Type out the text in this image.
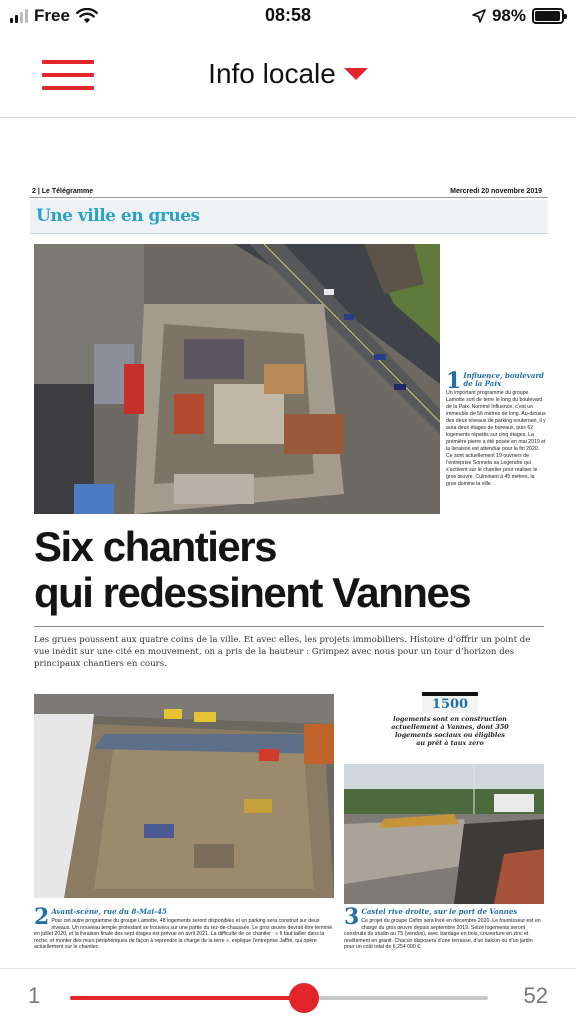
Free	08:58	98%
Info locale
2 | Le Télégramme	Mercredi 20 novembre 2019
Une ville en grues
1 Influence, boulevard de la Paix
Un important programme du groupe Lamotte sort de terre le long du boulevard de la Paix. Nommé Influence, c’est un immeuble de 56 mètres de long. Au-dessus des deux niveaux de parking souterrain, il y aura deux étages de bureaux, puis 62 logements répartis sur cinq étages. La première pierre a été posée en mai 2019 et la livraison est attendue pour la fin 2020. Ce sont actuellement 19 ouvriers de l’entreprise Sonneta sa Legendre qui s’activent sur le chantier pour réaliser le gros œuvre. Culminant à 45 mètres, la grue domine la ville.
Six chantiers
qui redessinent Vannes
Les grues poussent aux quatre coins de la ville. Et avec elles, les projets immobiliers. Histoire d’offrir un point de vue inédit sur une cité en mouvement, on a pris de la hauteur : Grimpez avec nous pour un tour d’horizon des principaux chantiers en cours.
1500
logements sont en construction actuellement à Vannes, dont 350 logements sociaux ou éligibles au prêt à taux zéro
2 Avant-scène, rue du 8-Mai-45
Pour cet autre programme du groupe Lamotte, 48 logements seront disponibles et un parking sera construit sur deux niveaux. Un nouveau temple protestant se trouvera sur une partie du rez-de-chaussée. Le gros œuvre devrait être terminé en juillet 2020, et la livraison finale des sept étages est prévue en avril 2021. La difficulté de ce chantier : « Il faut tailler dans la roche, et monter des murs périphériques de façon à reprendre la charge de la terre », explique l’entreprise Jaffré, qui opère actuellement sur le chantier.
3 Castel rive droite, sur le port de Vannes
Ce projet du groupe Cefim sera livré en décembre 2020. Le fournisseur est en charge du gros œuvre depuis septembre 2019. Seize logements seront construits du studio au T5 (vendus), avec bardage en bois, couverture en zinc et revêtement en granit. Chacun disposera d’une terrasse, d’un balcon ou d’un jardin pour un coût total de 6,254 000 €.
1	52
